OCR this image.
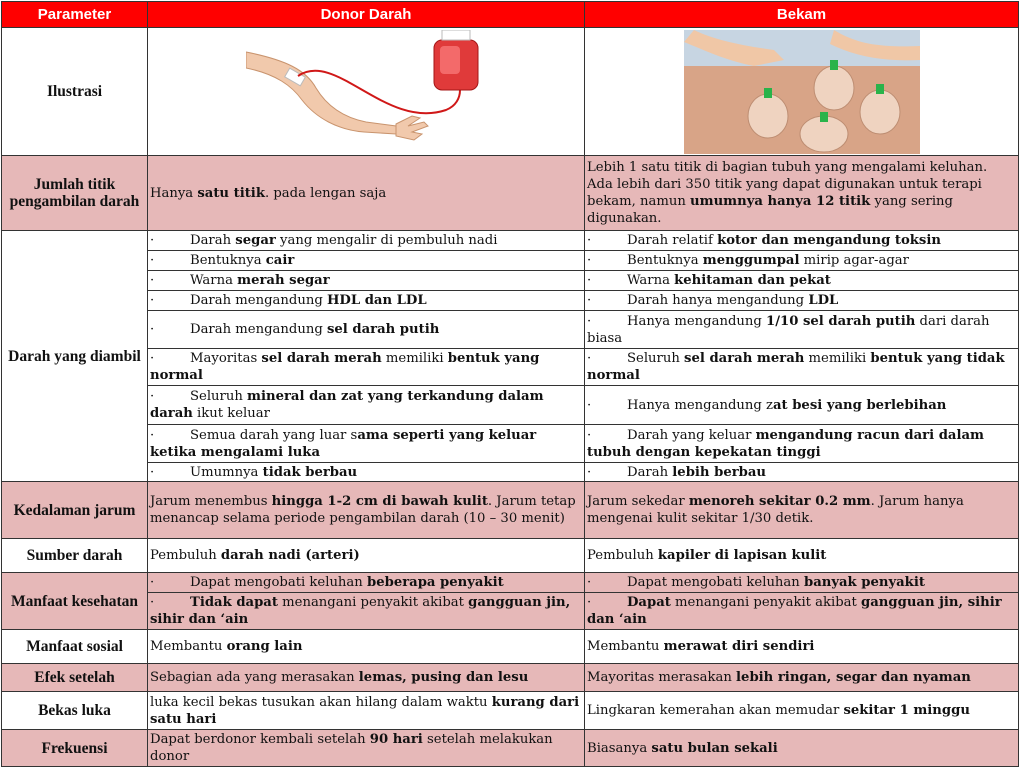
Parameter	Donor Darah	Bekam
Ilustrasi	

Jumlah titik pengambilan darah	Hanya satu titik. pada lengan saja	Lebih 1 satu titik di bagian tubuh yang mengalami keluhan. Ada lebih dari 350 titik yang dapat digunakan untuk terapi bekam, namun umumnya hanya 12 titik yang sering digunakan.
Darah yang diambil	· Darah segar yang mengalir di pembuluh nadi	· Darah relatif kotor dan mengandung toksin
	· Bentuknya cair	· Bentuknya menggumpal mirip agar-agar
	· Warna merah segar	· Warna kehitaman dan pekat
	· Darah mengandung HDL dan LDL	· Darah hanya mengandung LDL
	· Darah mengandung sel darah putih	· Hanya mengandung 1/10 sel darah putih dari darah biasa
	· Mayoritas sel darah merah memiliki bentuk yang normal	· Seluruh sel darah merah memiliki bentuk yang tidak normal
	· Seluruh mineral dan zat yang terkandung dalam darah ikut keluar	· Hanya mengandung zat besi yang berlebihan
	· Semua darah yang luar sama seperti yang keluar ketika mengalami luka	· Darah yang keluar mengandung racun dari dalam tubuh dengan kepekatan tinggi
	· Umumnya tidak berbau	· Darah lebih berbau
Kedalaman jarum	Jarum menembus hingga 1-2 cm di bawah kulit. Jarum tetap menancap selama periode pengambilan darah (10 – 30 menit)	Jarum sekedar menoreh sekitar 0.2 mm. Jarum hanya mengenai kulit sekitar 1/30 detik.
Sumber darah	Pembuluh darah nadi (arteri)	Pembuluh kapiler di lapisan kulit
Manfaat kesehatan	· Dapat mengobati keluhan beberapa penyakit	· Dapat mengobati keluhan banyak penyakit
	· Tidak dapat menangani penyakit akibat gangguan jin, sihir dan ‘ain	· Dapat menangani penyakit akibat gangguan jin, sihir dan ‘ain
Manfaat sosial	Membantu orang lain	Membantu merawat diri sendiri
Efek setelah	Sebagian ada yang merasakan lemas, pusing dan lesu	Mayoritas merasakan lebih ringan, segar dan nyaman
Bekas luka	luka kecil bekas tusukan akan hilang dalam waktu kurang dari satu hari	Lingkaran kemerahan akan memudar sekitar 1 minggu
Frekuensi	Dapat berdonor kembali setelah 90 hari setelah melakukan donor	Biasanya satu bulan sekali
